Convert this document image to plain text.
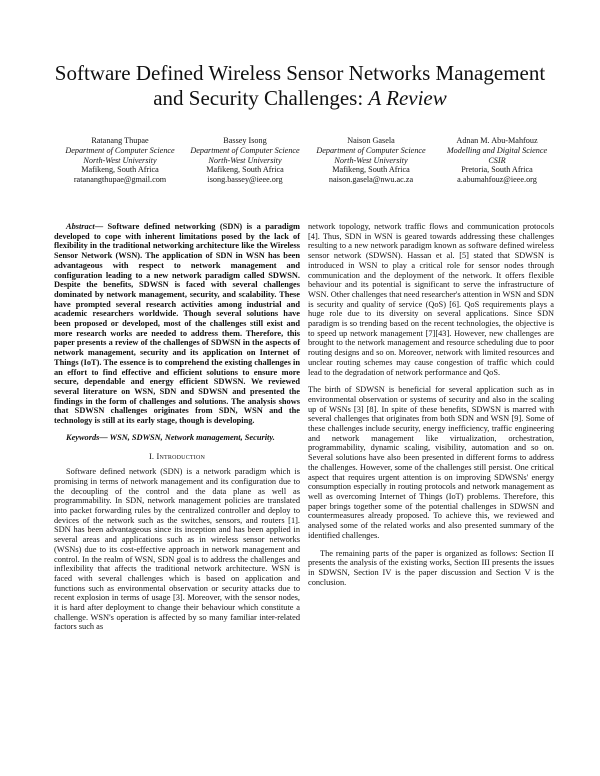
Software Defined Wireless Sensor Networks Management and Security Challenges: A Review
Ratanang Thupae
Department of Computer Science
North-West University
Mafikeng, South Africa
ratanangthupae@gmail.com
Bassey Isong
Department of Computer Science
North-West University
Mafikeng, South Africa
isong.bassey@ieee.org
Naison Gasela
Department of Computer Science
North-West University
Mafikeng, South Africa
naison.gasela@nwu.ac.za
Adnan M. Abu-Mahfouz
Modelling and Digital Science
CSIR
Pretoria, South Africa
a.abumahfouz@ieee.org

Abstract— Software defined networking (SDN) is a paradigm developed to cope with inherent limitations posed by the lack of flexibility in the traditional networking architecture like the Wireless Sensor Network (WSN). The application of SDN in WSN has been advantageous with respect to network management and configuration leading to a new network paradigm called SDWSN. Despite the benefits, SDWSN is faced with several challenges dominated by network management, security, and scalability. These have prompted several research activities among industrial and academic researchers worldwide. Though several solutions have been proposed or developed, most of the challenges still exist and more research works are needed to address them. Therefore, this paper presents a review of the challenges of SDWSN in the aspects of network management, security and its application on Internet of Things (IoT). The essence is to comprehend the existing challenges in an effort to find effective and efficient solutions to ensure more secure, dependable and energy efficient SDWSN. We reviewed several literature on WSN, SDN and SDWSN and presented the findings in the form of challenges and solutions. The analysis shows that SDWSN challenges originates from SDN, WSN and the technology is still at its early stage, though is developing.

Keywords— WSN, SDWSN, Network management, Security.

I. Introduction

Software defined network (SDN) is a network paradigm which is promising in terms of network management and its configuration due to the decoupling of the control and the data plane as well as programmability. In SDN, network management policies are translated into packet forwarding rules by the centralized controller and deploy to devices of the network such as the switches, sensors, and routers [1]. SDN has been advantageous since its inception and has been applied in several areas and applications such as in wireless sensor networks (WSNs) due to its cost-effective approach in network management and control. In the realm of WSN, SDN goal is to address the challenges and inflexibility that affects the traditional network architecture. WSN is faced with several challenges which is based on application and functions such as environmental observation or security attacks due to recent explosion in terms of usage [3]. Moreover, with the sensor nodes, it is hard after deployment to change their behaviour which constitute a challenge. WSN's operation is affected by so many familiar inter-related factors such as

network topology, network traffic flows and communication protocols [4]. Thus, SDN in WSN is geared towards addressing these challenges resulting to a new network paradigm known as software defined wireless sensor network (SDWSN). Hassan et al. [5] stated that SDWSN is introduced in WSN to play a critical role for sensor nodes through communication and the deployment of the network. It offers flexible behaviour and its potential is significant to serve the infrastructure of WSN. Other challenges that need researcher's attention in WSN and SDN is security and quality of service (QoS) [6]. QoS requirements plays a huge role due to its diversity on several applications. Since SDN paradigm is so trending based on the recent technologies, the objective is to speed up network management [7][43]. However, new challenges are brought to the network management and resource scheduling due to poor routing designs and so on. Moreover, network with limited resources and unclear routing schemes may cause congestion of traffic which could lead to the degradation of network performance and QoS.

The birth of SDWSN is beneficial for several application such as in environmental observation or systems of security and also in the scaling up of WSNs [3] [8]. In spite of these benefits, SDWSN is marred with several challenges that originates from both SDN and WSN [9]. Some of these challenges include security, energy inefficiency, traffic engineering and network management like virtualization, orchestration, programmability, dynamic scaling, visibility, automation and so on. Several solutions have also been presented in different forms to address the challenges. However, some of the challenges still persist. One critical aspect that requires urgent attention is on improving SDWSNs' energy consumption especially in routing protocols and network management as well as overcoming Internet of Things (IoT) problems. Therefore, this paper brings together some of the potential challenges in SDWSN and countermeasures already proposed. To achieve this, we reviewed and analysed some of the related works and also presented summary of the identified challenges.

The remaining parts of the paper is organized as follows: Section II presents the analysis of the existing works, Section III presents the issues in SDWSN, Section IV is the paper discussion and Section V is the conclusion.
